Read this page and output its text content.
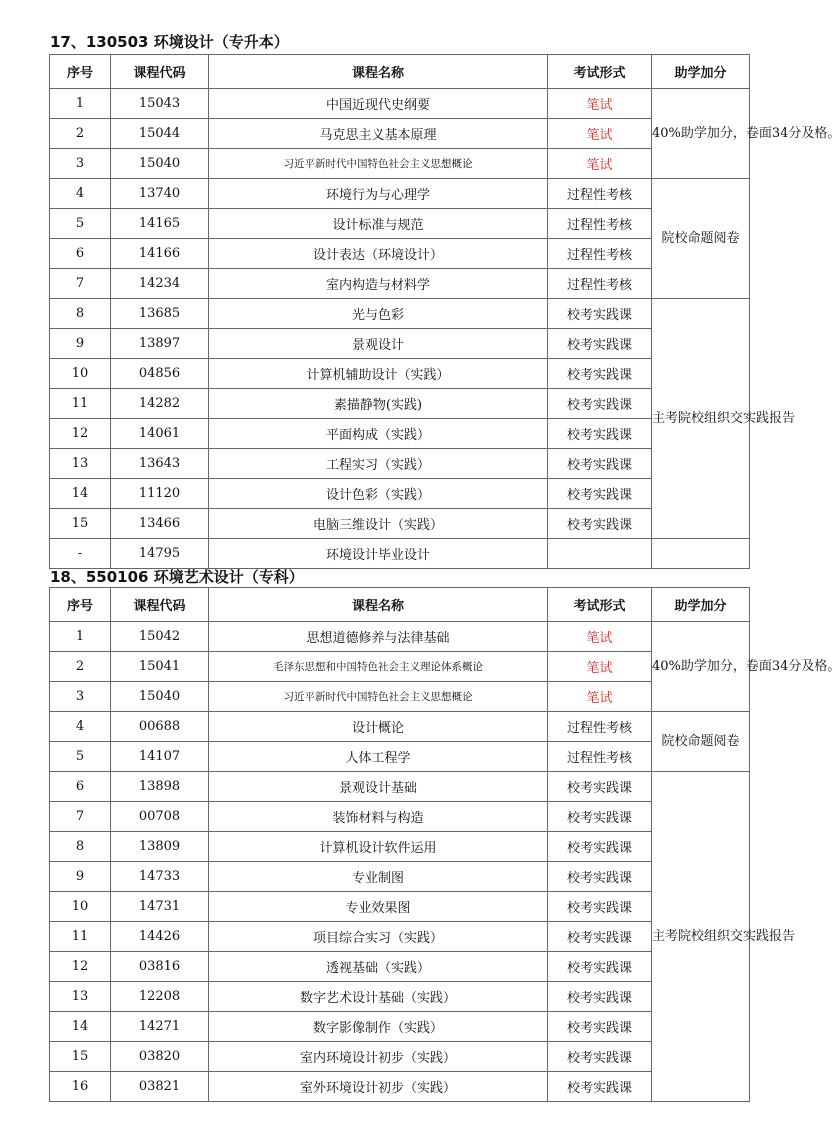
17、130503 环境设计（专升本）
序号	课程代码	课程名称	考试形式	助学加分
1	15043	中国近现代史纲要	笔试	40%助学加分，卷面34分及格。
2	15044	马克思主义基本原理	笔试	
3	15040	习近平新时代中国特色社会主义思想概论	笔试	
4	13740	环境行为与心理学	过程性考核	院校命题阅卷
5	14165	设计标准与规范	过程性考核	
6	14166	设计表达（环境设计）	过程性考核	
7	14234	室内构造与材料学	过程性考核	
8	13685	光与色彩	校考实践课	主考院校组织交实践报告
9	13897	景观设计	校考实践课	
10	04856	计算机辅助设计（实践）	校考实践课	
11	14282	素描静物(实践)	校考实践课	
12	14061	平面构成（实践）	校考实践课	
13	13643	工程实习（实践）	校考实践课	
14	11120	设计色彩（实践）	校考实践课	
15	13466	电脑三维设计（实践）	校考实践课	
-	14795	环境设计毕业设计		
18、550106 环境艺术设计（专科）
序号	课程代码	课程名称	考试形式	助学加分
1	15042	思想道德修养与法律基础	笔试	40%助学加分，卷面34分及格。
2	15041	毛泽东思想和中国特色社会主义理论体系概论	笔试	
3	15040	习近平新时代中国特色社会主义思想概论	笔试	
4	00688	设计概论	过程性考核	院校命题阅卷
5	14107	人体工程学	过程性考核	
6	13898	景观设计基础	校考实践课	主考院校组织交实践报告
7	00708	装饰材料与构造	校考实践课	
8	13809	计算机设计软件运用	校考实践课	
9	14733	专业制图	校考实践课	
10	14731	专业效果图	校考实践课	
11	14426	项目综合实习（实践）	校考实践课	
12	03816	透视基础（实践）	校考实践课	
13	12208	数字艺术设计基础（实践）	校考实践课	
14	14271	数字影像制作（实践）	校考实践课	
15	03820	室内环境设计初步（实践）	校考实践课	
16	03821	室外环境设计初步（实践）	校考实践课	
